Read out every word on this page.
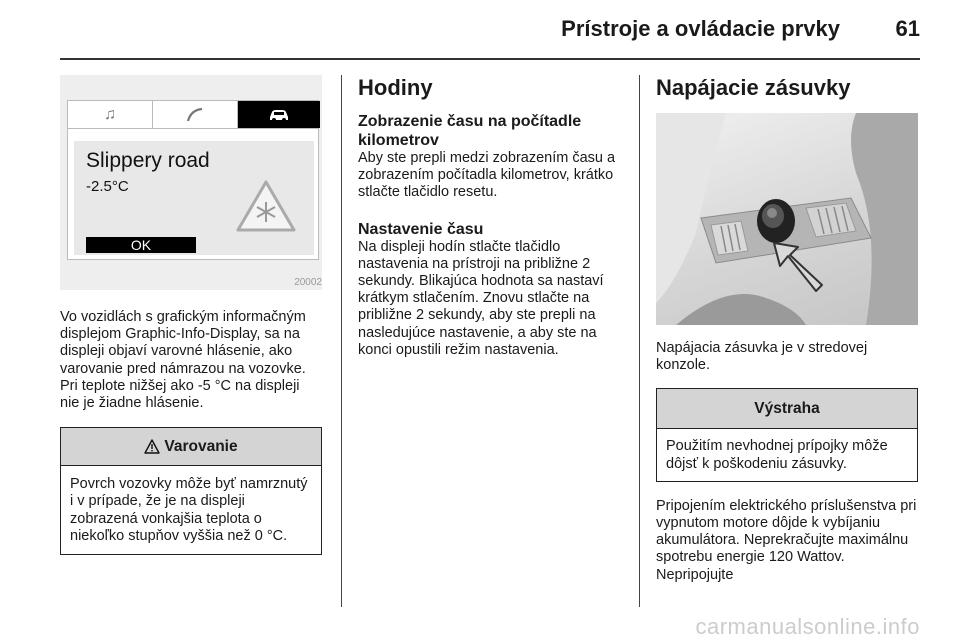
Prístroje a ovládacie prvky	61
♫
Slippery road
-2.5°C
OK
20002

Vo vozidlách s grafickým informačným displejom Graphic-Info-Display, sa na displeji objaví varovné hlásenie, ako varovanie pred námrazou na vozovke. Pri teplote nižšej ako -5 °C na displeji nie je žiadne hlásenie.

Varovanie
Povrch vozovky môže byť namrznutý i v prípade, že je na displeji zobrazená vonkajšia teplota o niekoľko stupňov vyššia než 0 °C.
Hodiny
Zobrazenie času na počítadle kilometrov

Aby ste prepli medzi zobrazením času a zobrazením počítadla kilometrov, krátko stlačte tlačidlo resetu.

Nastavenie času

Na displeji hodín stlačte tlačidlo nastavenia na prístroji na približne 2 sekundy. Blikajúca hodnota sa nastaví krátkym stlačením. Znovu stlačte na približne 2 sekundy, aby ste prepli na nasledujúce nastavenie, a aby ste na konci opustili režim nastavenia.

Napájacie zásuvky

Napájacia zásuvka je v stredovej konzole.

Výstraha
Použitím nevhodnej prípojky môže dôjsť k poškodeniu zásuvky.

Pripojením elektrického príslušenstva pri vypnutom motore dôjde k vybíjaniu akumulátora. Neprekračujte maximálnu spotrebu energie 120 Wattov. Nepripojujte

carmanualsonline.info
